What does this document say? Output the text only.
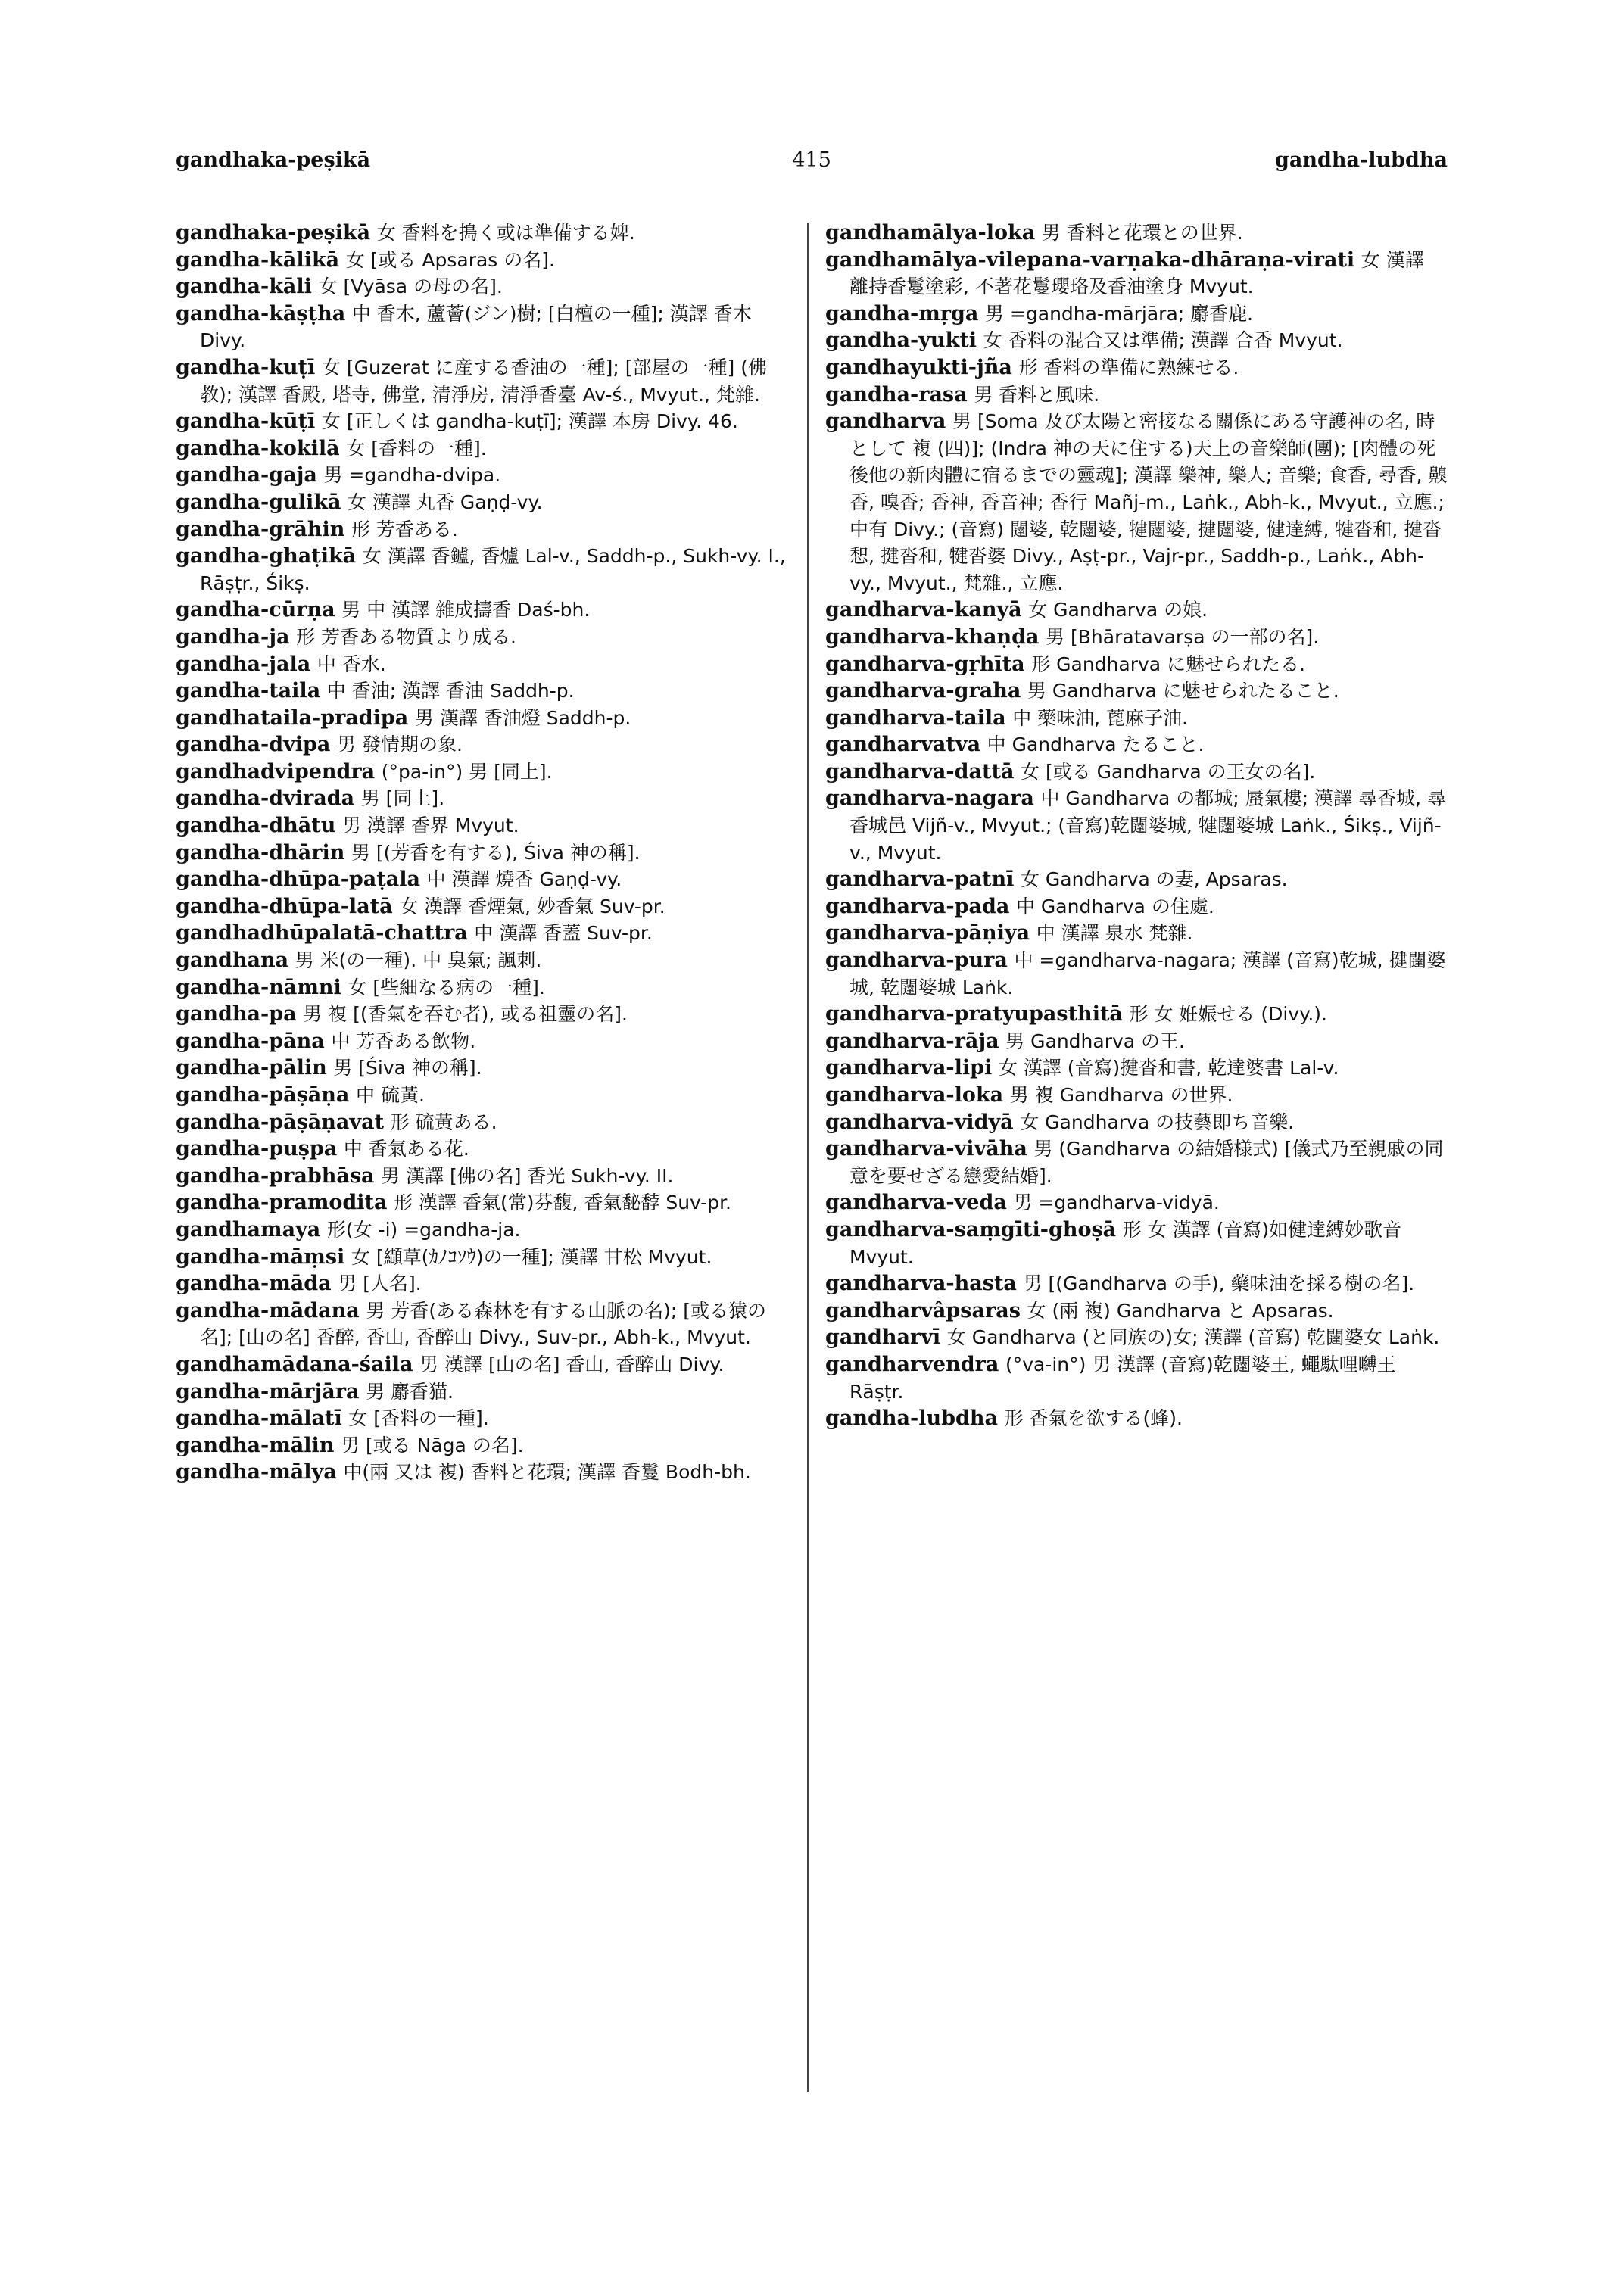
gandhaka-peṣikā	415	gandha-lubdha
gandhaka-peṣikā 女 香料を搗く或は準備する婢.
gandha-kālikā 女 [或る Apsaras の名].
gandha-kāli 女 [Vyāsa の母の名].
gandha-kāṣṭha 中 香木, 蘆薈(ジン)樹; [白檀の一種]; 漢譯 香木 Divy.
gandha-kuṭī 女 [Guzerat に産する香油の一種]; [部屋の一種] (佛教); 漢譯 香殿, 塔寺, 佛堂, 清淨房, 清淨香臺 Av-ś., Mvyut., 梵雜.
gandha-kūṭī 女 [正しくは gandha-kuṭī]; 漢譯 本房 Divy. 46.
gandha-kokilā 女 [香料の一種].
gandha-gaja 男 =gandha-dvipa.
gandha-gulikā 女 漢譯 丸香 Gaṇḍ-vy.
gandha-grāhin 形 芳香ある.
gandha-ghaṭikā 女 漢譯 香鑪, 香爐 Lal-v., Saddh-p., Sukh-vy. I., Rāṣṭr., Śikṣ.
gandha-cūrṇa 男 中 漢譯 雜成擣香 Daś-bh.
gandha-ja 形 芳香ある物質より成る.
gandha-jala 中 香水.
gandha-taila 中 香油; 漢譯 香油 Saddh-p.
gandhataila-pradipa 男 漢譯 香油燈 Saddh-p.
gandha-dvipa 男 發情期の象.
gandhadvipendra (°pa-in°) 男 [同上].
gandha-dvirada 男 [同上].
gandha-dhātu 男 漢譯 香界 Mvyut.
gandha-dhārin 男 [(芳香を有する), Śiva 神の稱].
gandha-dhūpa-paṭala 中 漢譯 燒香 Gaṇḍ-vy.
gandha-dhūpa-latā 女 漢譯 香煙氣, 妙香氣 Suv-pr.
gandhadhūpalatā-chattra 中 漢譯 香蓋 Suv-pr.
gandhana 男 米(の一種). 中 臭氣; 諷刺.
gandha-nāmni 女 [些細なる病の一種].
gandha-pa 男 複 [(香氣を吞む者), 或る祖靈の名].
gandha-pāna 中 芳香ある飲物.
gandha-pālin 男 [Śiva 神の稱].
gandha-pāṣāṇa 中 硫黃.
gandha-pāṣāṇavat 形 硫黃ある.
gandha-puṣpa 中 香氣ある花.
gandha-prabhāsa 男 漢譯 [佛の名] 香光 Sukh-vy. II.
gandha-pramodita 形 漢譯 香氣(常)芬馥, 香氣馝馞 Suv-pr.
gandhamaya 形(女 -i) =gandha-ja.
gandha-māṃsi 女 [纈草(ｶﾉｺｿｳ)の一種]; 漢譯 甘松 Mvyut.
gandha-māda 男 [人名].
gandha-mādana 男 芳香(ある森林を有する山脈の名); [或る猿の名]; [山の名] 香醉, 香山, 香醉山 Divy., Suv-pr., Abh-k., Mvyut.
gandhamādana-śaila 男 漢譯 [山の名] 香山, 香醉山 Divy.
gandha-mārjāra 男 麝香猫.
gandha-mālatī 女 [香料の一種].
gandha-mālin 男 [或る Nāga の名].
gandha-mālya 中(兩 又は 複) 香料と花環; 漢譯 香鬘 Bodh-bh.
gandhamālya-loka 男 香料と花環との世界.
gandhamālya-vilepana-varṇaka-dhāraṇa-virati 女 漢譯 離持香鬘塗彩, 不著花鬘瓔珞及香油塗身 Mvyut.
gandha-mṛga 男 =gandha-mārjāra; 麝香鹿.
gandha-yukti 女 香料の混合又は準備; 漢譯 合香 Mvyut.
gandhayukti-jña 形 香料の準備に熟練せる.
gandha-rasa 男 香料と風味.
gandharva 男 [Soma 及び太陽と密接なる關係にある守護神の名, 時として 複 (四)]; (Indra 神の天に住する)天上の音樂師(團); [肉體の死後他の新肉體に宿るまでの靈魂]; 漢譯 樂神, 樂人; 音樂; 食香, 尋香, 齅香, 嗅香; 香神, 香音神; 香行 Mañj-m., Laṅk., Abh-k., Mvyut., 立應.; 中有 Divy.; (音寫) 闥婆, 乾闥婆, 犍闥婆, 揵闥婆, 健達縛, 犍沓和, 揵沓惒, 揵沓和, 犍沓婆 Divy., Aṣṭ-pr., Vajr-pr., Saddh-p., Laṅk., Abh-vy., Mvyut., 梵雜., 立應.
gandharva-kanyā 女 Gandharva の娘.
gandharva-khaṇḍa 男 [Bhāratavarṣa の一部の名].
gandharva-gṛhīta 形 Gandharva に魅せられたる.
gandharva-graha 男 Gandharva に魅せられたること.
gandharva-taila 中 藥味油, 蓖麻子油.
gandharvatva 中 Gandharva たること.
gandharva-dattā 女 [或る Gandharva の王女の名].
gandharva-nagara 中 Gandharva の都城; 蜃氣樓; 漢譯 尋香城, 尋香城邑 Vijñ-v., Mvyut.; (音寫)乾闥婆城, 犍闥婆城 Laṅk., Śikṣ., Vijñ-v., Mvyut.
gandharva-patnī 女 Gandharva の妻, Apsaras.
gandharva-pada 中 Gandharva の住處.
gandharva-pāṇiya 中 漢譯 泉水 梵雜.
gandharva-pura 中 =gandharva-nagara; 漢譯 (音寫)乾城, 揵闥婆城, 乾闥婆城 Laṅk.
gandharva-pratyupasthitā 形 女 姙娠せる (Divy.).
gandharva-rāja 男 Gandharva の王.
gandharva-lipi 女 漢譯 (音寫)揵沓和書, 乾達婆書 Lal-v.
gandharva-loka 男 複 Gandharva の世界.
gandharva-vidyā 女 Gandharva の技藝即ち音樂.
gandharva-vivāha 男 (Gandharva の結婚様式) [儀式乃至親戚の同意を要せざる戀愛結婚].
gandharva-veda 男 =gandharva-vidyā.
gandharva-saṃgīti-ghoṣā 形 女 漢譯 (音寫)如健達縛妙歌音 Mvyut.
gandharva-hasta 男 [(Gandharva の手), 藥味油を採る樹の名].
gandharvâpsaras 女 (兩 複) Gandharva と Apsaras.
gandharvī 女 Gandharva (と同族の)女; 漢譯 (音寫) 乾闥婆女 Laṅk.
gandharvendra (°va-in°) 男 漢譯 (音寫)乾闥婆王, 蠅駄哩嚩王 Rāṣṭr.
gandha-lubdha 形 香氣を欲する(蜂).
